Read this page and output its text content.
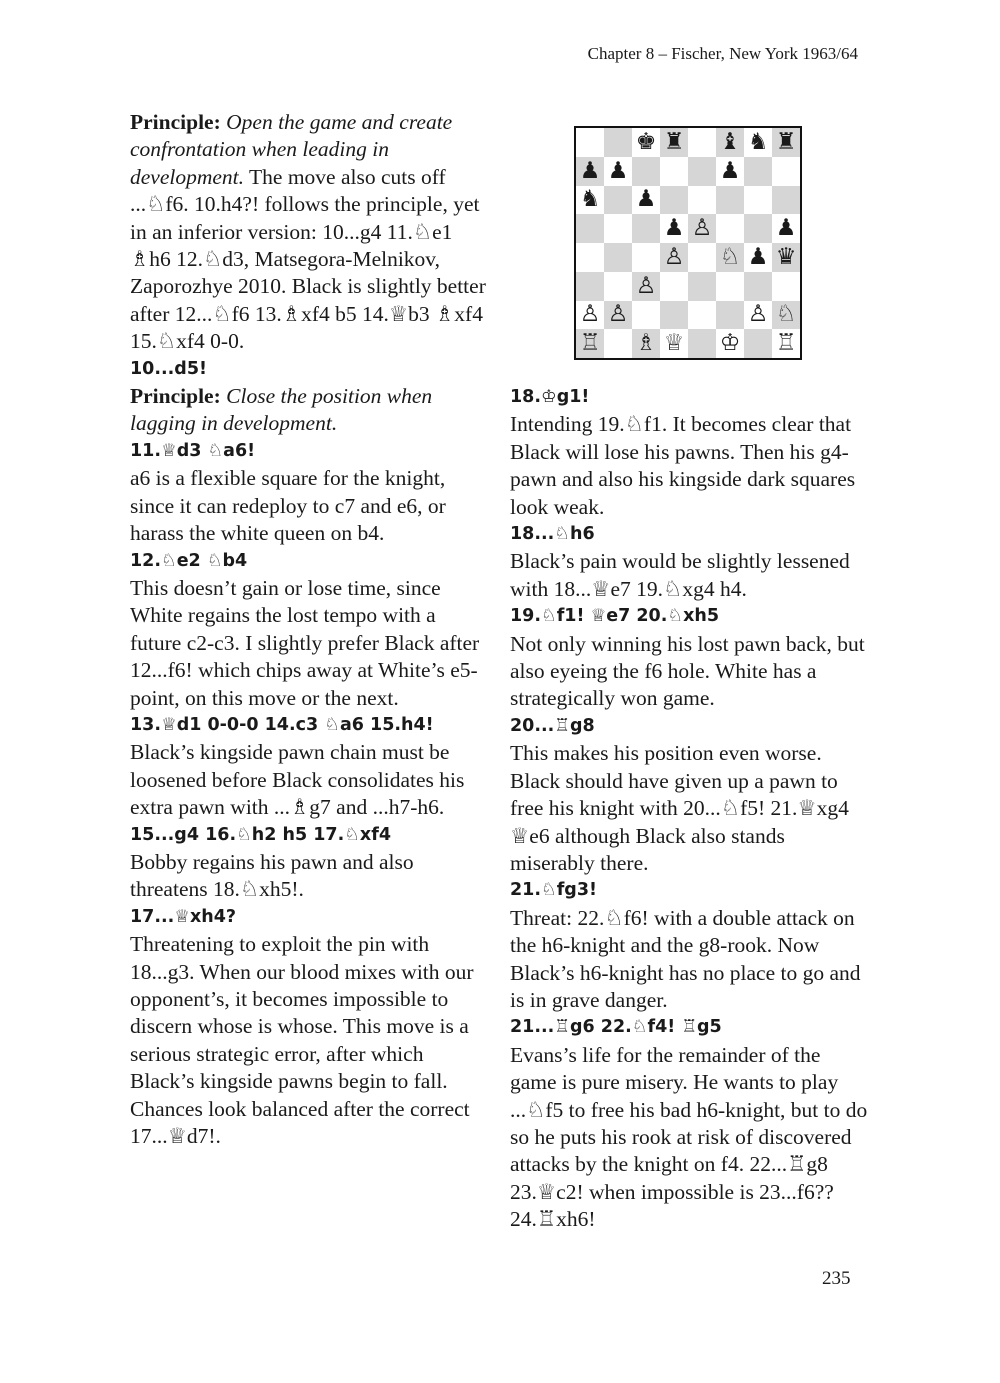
Chapter 8 – Fischer, New York 1963/64

Principle: Open the game and create confrontation when leading in development. The move also cuts off ...♘f6. 10.h4?! follows the principle, yet in an inferior version: 10...g4 11.♘e1 ♗h6 12.♘d3, Matsegora-Melnikov, Zaporozhye 2010. Black is slightly better after 12...♘f6 13.♗xf4 b5 14.♕b3 ♗xf4 15.♘xf4 0-0.

10...d5!

Principle: Close the position when lagging in development.

11.♕d3 ♘a6!

a6 is a flexible square for the knight, since it can redeploy to c7 and e6, or harass the white queen on b4.

12.♘e2 ♘b4

This doesn’t gain or lose time, since White regains the lost tempo with a future c2-c3. I slightly prefer Black after 12...f6! which chips away at White’s e5-point, on this move or the next.

13.♕d1 0-0-0 14.c3 ♘a6 15.h4!

Black’s kingside pawn chain must be loosened before Black consolidates his extra pawn with ...♗g7 and ...h7-h6.

15...g4 16.♘h2 h5 17.♘xf4

Bobby regains his pawn and also threatens 18.♘xh5!.

17...♕xh4?

Threatening to exploit the pin with 18...g3. When our blood mixes with our opponent’s, it becomes impossible to discern whose is whose. This move is a serious strategic error, after which Black’s kingside pawns begin to fall. Chances look balanced after the correct 17...♕d7!.

♚ ♜ ♝ ♞ ♜
♟ ♟	♟
♞ ♟
♟ ♙	♟
♙ ♘ ♟ ♛
♙
♙ ♙	♙ ♘
♖ ♗ ♕ ♔ ♖

18.♔g1!

Intending 19.♘f1. It becomes clear that Black will lose his pawns. Then his g4-pawn and also his kingside dark squares look weak.

18...♘h6

Black’s pain would be slightly lessened with 18...♕e7 19.♘xg4 h4.

19.♘f1! ♕e7 20.♘xh5

Not only winning his lost pawn back, but also eyeing the f6 hole. White has a strategically won game.

20...♖g8

This makes his position even worse. Black should have given up a pawn to free his knight with 20...♘f5! 21.♕xg4 ♕e6 although Black also stands miserably there.

21.♘fg3!

Threat: 22.♘f6! with a double attack on the h6-knight and the g8-rook. Now Black’s h6-knight has no place to go and is in grave danger.

21...♖g6 22.♘f4! ♖g5

Evans’s life for the remainder of the game is pure misery. He wants to play ...♘f5 to free his bad h6-knight, but to do so he puts his rook at risk of discovered attacks by the knight on f4. 22...♖g8 23.♕c2! when impossible is 23...f6?? 24.♖xh6!

235
